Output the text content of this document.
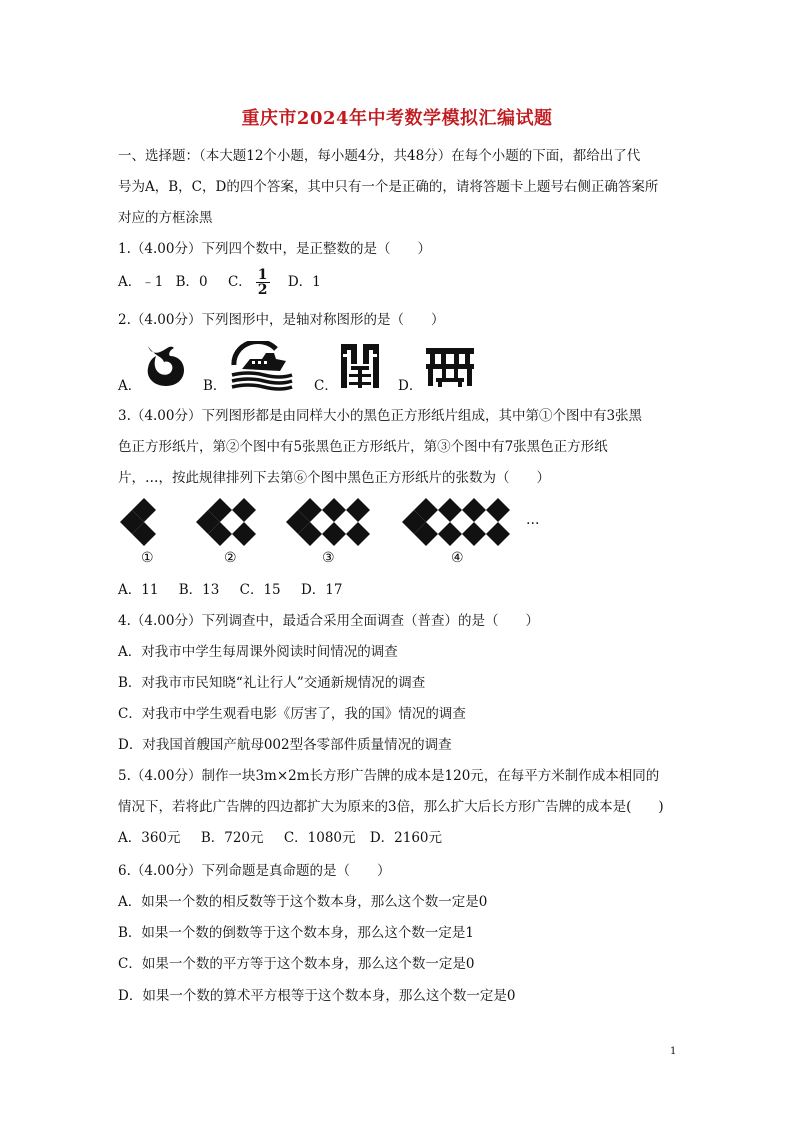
重庆市2024年中考数学模拟汇编试题
一、选择题：（本大题12个小题，每小题4分，共48分）在每个小题的下面，都给出了代
号为A，B，C，D的四个答案，其中只有一个是正确的，请将答题卡上题号右侧正确答案所
对应的方框涂黑
1.（4.00分）下列四个数中，是正整数的是（　　）
A．﹣1 B．0 C． $\frac{1}{2}$ D．1
2.（4.00分）下列图形中，是轴对称图形的是（　　）
A．	B．	C．	D．
3.（4.00分）下列图形都是由同样大小的黑色正方形纸片组成，其中第①个图中有3张黑
色正方形纸片，第②个图中有5张黑色正方形纸片，第③个图中有7张黑色正方形纸
片，…，按此规律排列下去第⑥个图中黑色正方形纸片的张数为（　　）
…
①	②	③	④
A．11 B．13 C．15 D．17
4.（4.00分）下列调查中，最适合采用全面调查（普查）的是（　　）
A．对我市中学生每周课外阅读时间情况的调查
B．对我市市民知晓“礼让行人”交通新规情况的调查
C．对我市中学生观看电影《厉害了，我的国》情况的调查
D．对我国首艘国产航母002型各零部件质量情况的调查
5.（4.00分）制作一块3m×2m长方形广告牌的成本是120元，在每平方米制作成本相同的
情况下，若将此广告牌的四边都扩大为原来的3倍，那么扩大后长方形广告牌的成本是(　　)
A．360元 B．720元 C．1080元 D．2160元
6.（4.00分）下列命题是真命题的是（　　）
A．如果一个数的相反数等于这个数本身，那么这个数一定是0
B．如果一个数的倒数等于这个数本身，那么这个数一定是1
C．如果一个数的平方等于这个数本身，那么这个数一定是0
D．如果一个数的算术平方根等于这个数本身，那么这个数一定是0
1
